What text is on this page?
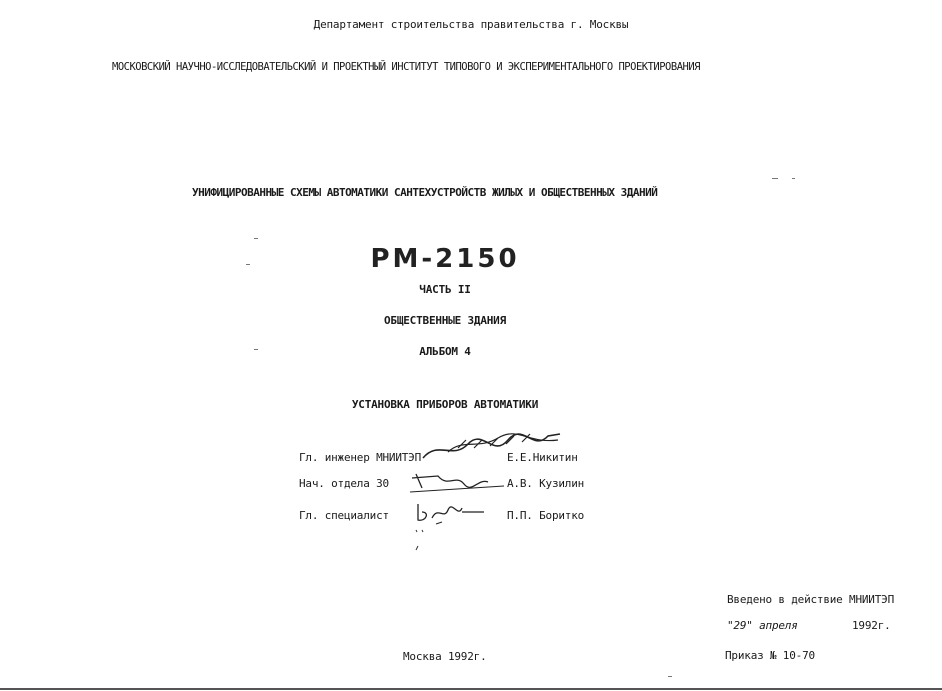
Департамент строительства правительства г. Москвы
МОСКОВСКИЙ НАУЧНО-ИССЛЕДОВАТЕЛЬСКИЙ И ПРОЕКТНЫЙ ИНСТИТУТ ТИПОВОГО И ЭКСПЕРИМЕНТАЛЬНОГО ПРОЕКТИРОВАНИЯ
УНИФИЦИРОВАННЫЕ СХЕМЫ АВТОМАТИКИ САНТЕХУСТРОЙСТВ ЖИЛЫХ И ОБЩЕСТВЕННЫХ ЗДАНИЙ
РМ-2150
ЧАСТЬ II
ОБЩЕСТВЕННЫЕ ЗДАНИЯ
АЛЬБОМ 4
УСТАНОВКА ПРИБОРОВ АВТОМАТИКИ
Гл. инженер МНИИТЭП	Е.Е.Никитин
Нач. отдела 30	А.В. Кузилин
Гл. специалист	П.П. Боритко
Введено в действие МНИИТЭП
"29" апреля	1992г.
Приказ № 10-70
Москва 1992г.
